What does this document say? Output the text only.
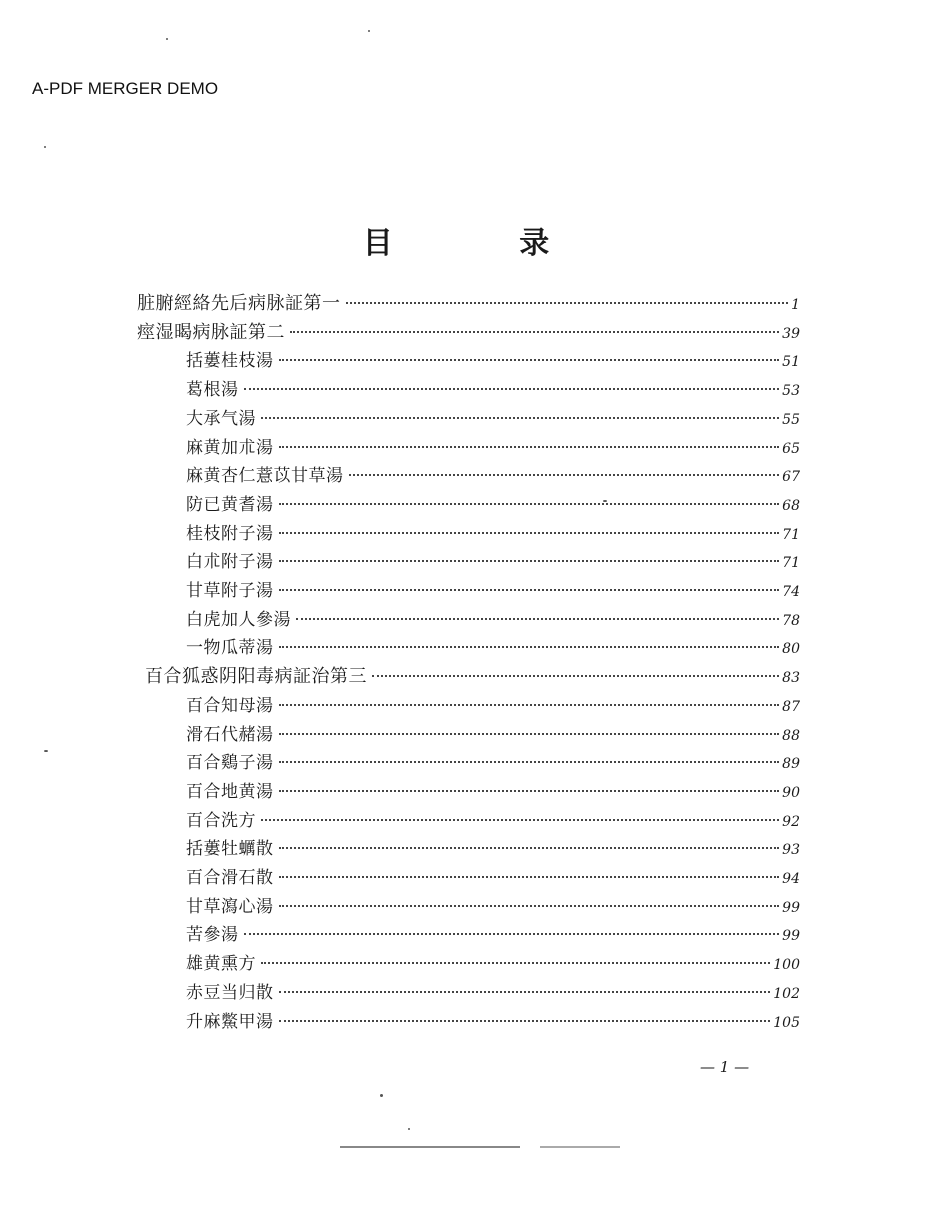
A-PDF MERGER DEMO
目 录
脏腑經絡先后病脉証第一	1
痙湿暍病脉証第二	39
括蔞桂枝湯	51
葛根湯	53
大承气湯	55
麻黄加朮湯	65
麻黄杏仁薏苡甘草湯	67
防已黄耆湯	68
桂枝附子湯	71
白朮附子湯	71
甘草附子湯	74
白虎加人參湯	78
一物瓜蒂湯	80
百合狐惑阴阳毒病証治第三	83
百合知母湯	87
滑石代赭湯	88
百合鷄子湯	89
百合地黄湯	90
百合洗方	92
括蔞牡蠣散	93
百合滑石散	94
甘草瀉心湯	99
苦參湯	99
雄黄熏方	100
赤豆当归散	102
升麻鱉甲湯	105
— 1 —
